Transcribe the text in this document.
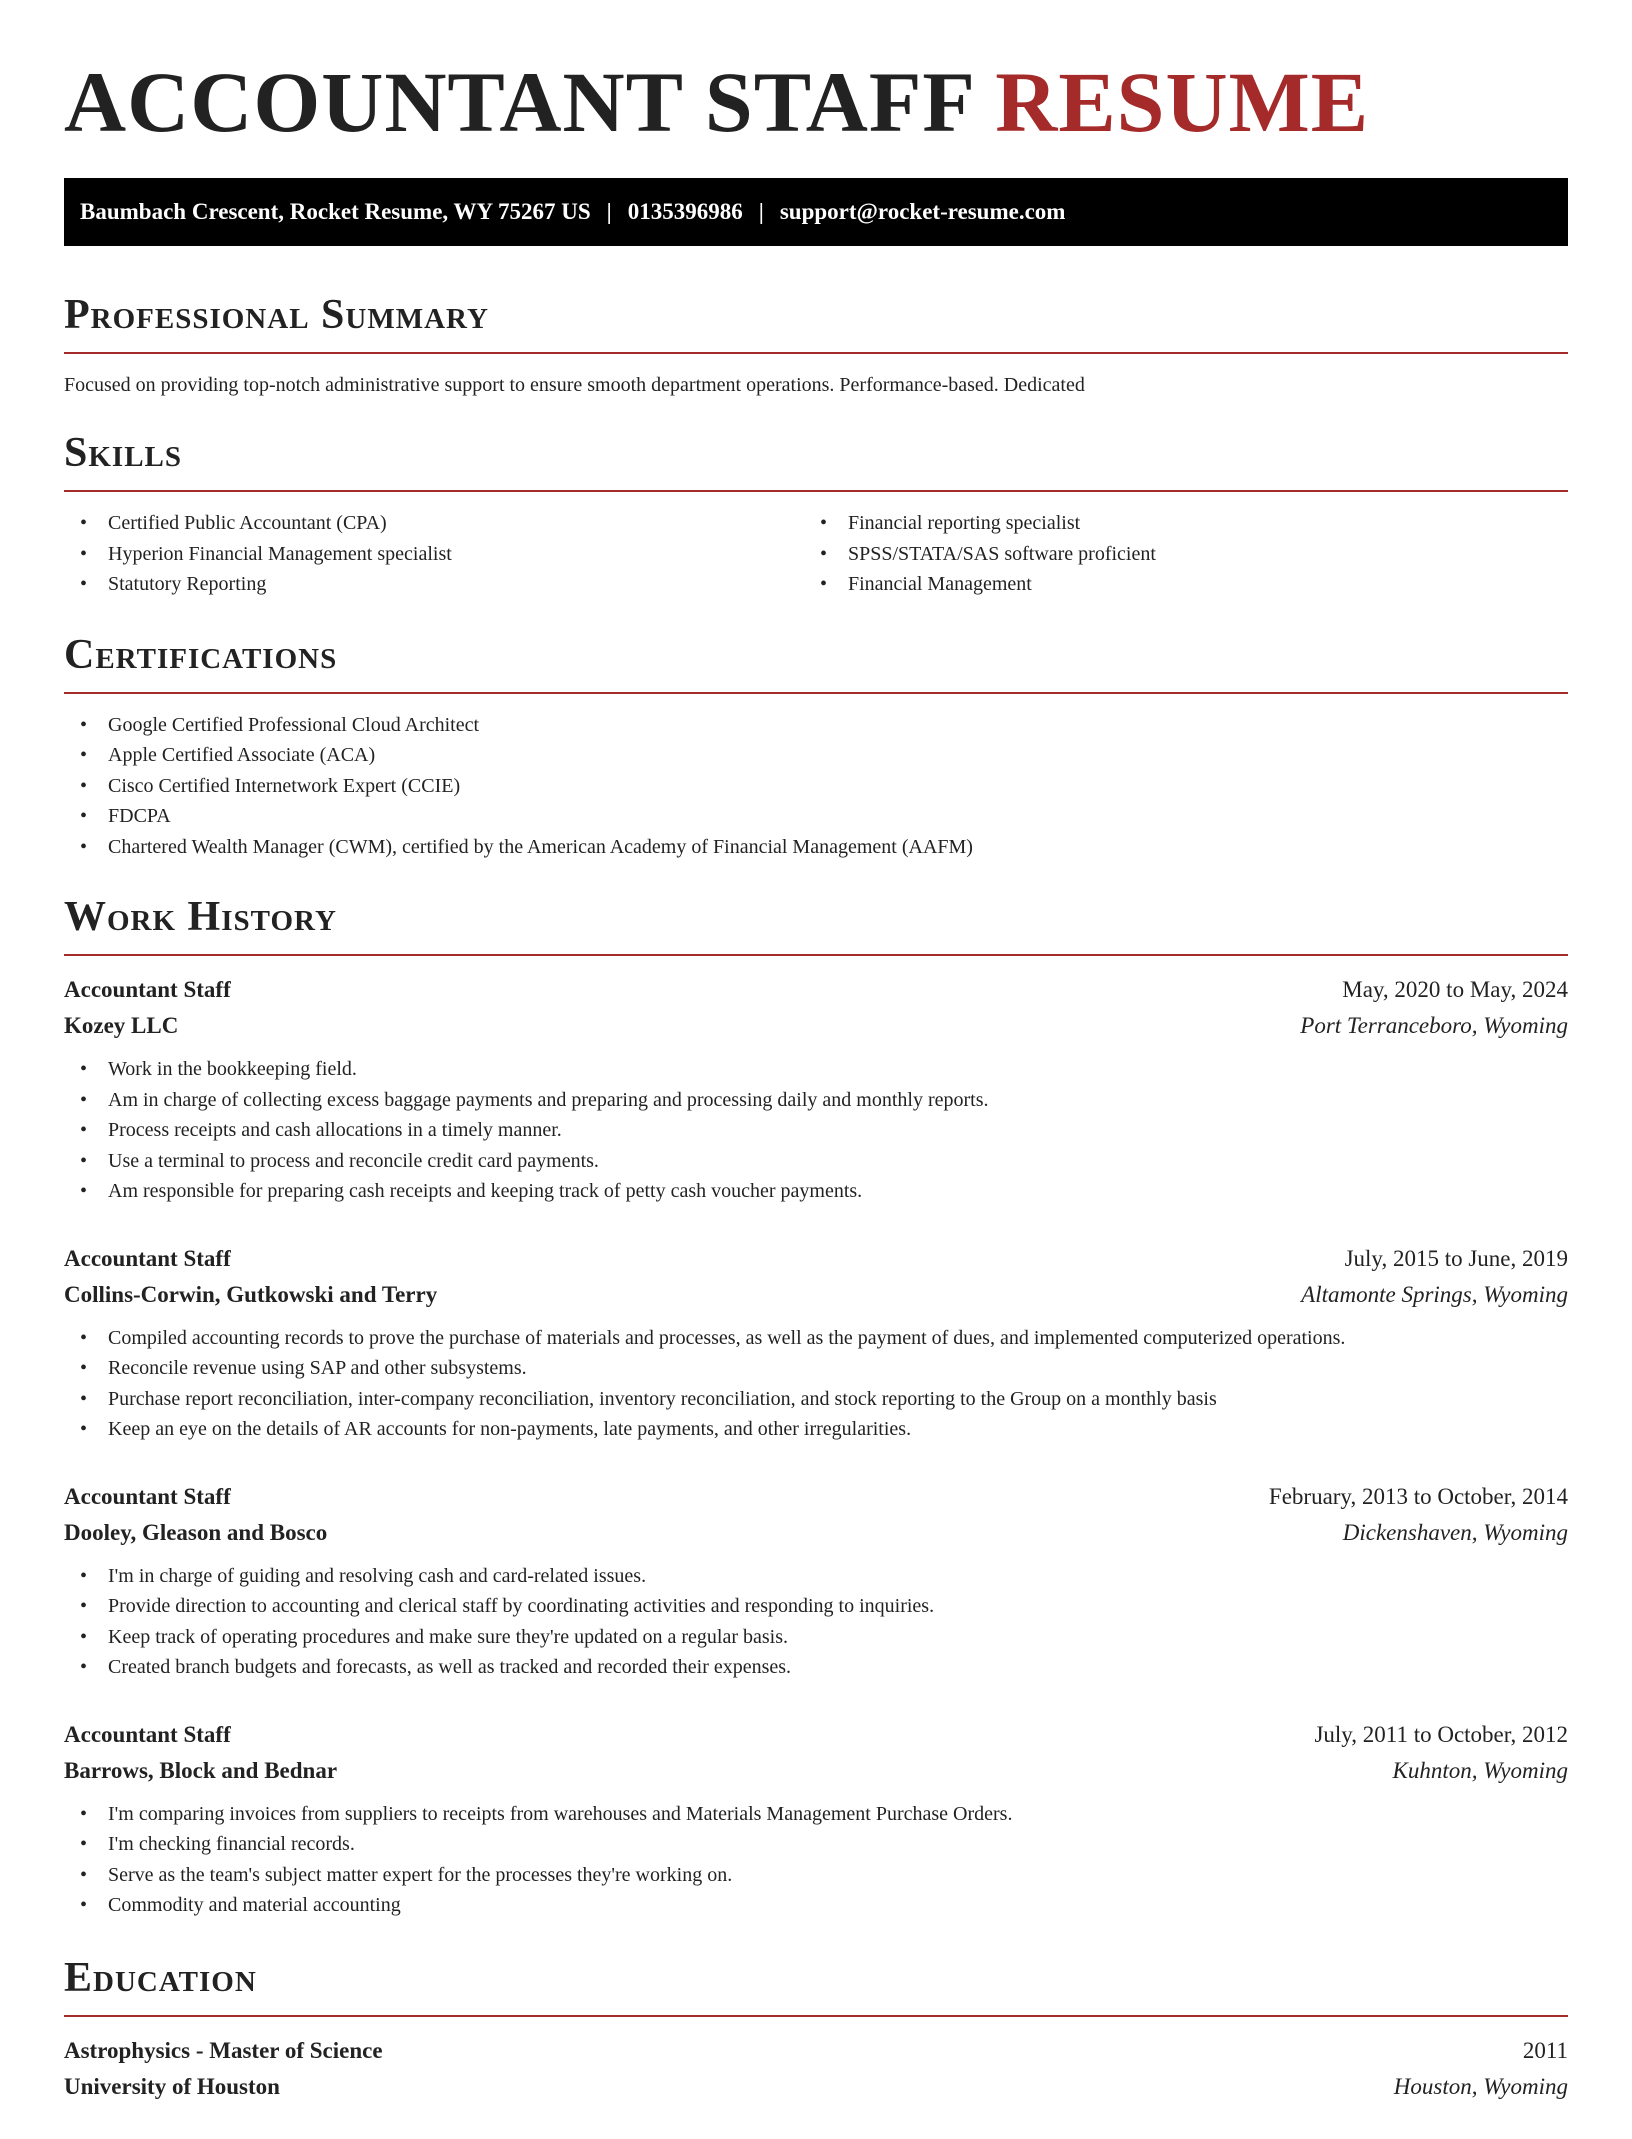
ACCOUNTANT STAFF RESUME
Baumbach Crescent, Rocket Resume, WY 75267 US | 0135396986 | support@rocket-resume.com
Professional Summary

Focused on providing top-notch administrative support to ensure smooth department operations. Performance-based. Dedicated

Skills
• Certified Public Accountant (CPA)
• Hyperion Financial Management specialist
• Statutory Reporting
• Financial reporting specialist
• SPSS/STATA/SAS software proficient
• Financial Management
Certifications
• Google Certified Professional Cloud Architect
• Apple Certified Associate (ACA)
• Cisco Certified Internetwork Expert (CCIE)
• FDCPA
• Chartered Wealth Manager (CWM), certified by the American Academy of Financial Management (AAFM)
Work History
Accountant Staff	May, 2020 to May, 2024
Kozey LLC	Port Terranceboro, Wyoming
• Work in the bookkeeping field.
• Am in charge of collecting excess baggage payments and preparing and processing daily and monthly reports.
• Process receipts and cash allocations in a timely manner.
• Use a terminal to process and reconcile credit card payments.
• Am responsible for preparing cash receipts and keeping track of petty cash voucher payments.
Accountant Staff	July, 2015 to June, 2019
Collins-Corwin, Gutkowski and Terry	Altamonte Springs, Wyoming
• Compiled accounting records to prove the purchase of materials and processes, as well as the payment of dues, and implemented computerized operations.
• Reconcile revenue using SAP and other subsystems.
• Purchase report reconciliation, inter-company reconciliation, inventory reconciliation, and stock reporting to the Group on a monthly basis
• Keep an eye on the details of AR accounts for non-payments, late payments, and other irregularities.
Accountant Staff	February, 2013 to October, 2014
Dooley, Gleason and Bosco	Dickenshaven, Wyoming
• I'm in charge of guiding and resolving cash and card-related issues.
• Provide direction to accounting and clerical staff by coordinating activities and responding to inquiries.
• Keep track of operating procedures and make sure they're updated on a regular basis.
• Created branch budgets and forecasts, as well as tracked and recorded their expenses.
Accountant Staff	July, 2011 to October, 2012
Barrows, Block and Bednar	Kuhnton, Wyoming
• I'm comparing invoices from suppliers to receipts from warehouses and Materials Management Purchase Orders.
• I'm checking financial records.
• Serve as the team's subject matter expert for the processes they're working on.
• Commodity and material accounting
Education
Astrophysics - Master of Science	2011
University of Houston	Houston, Wyoming
